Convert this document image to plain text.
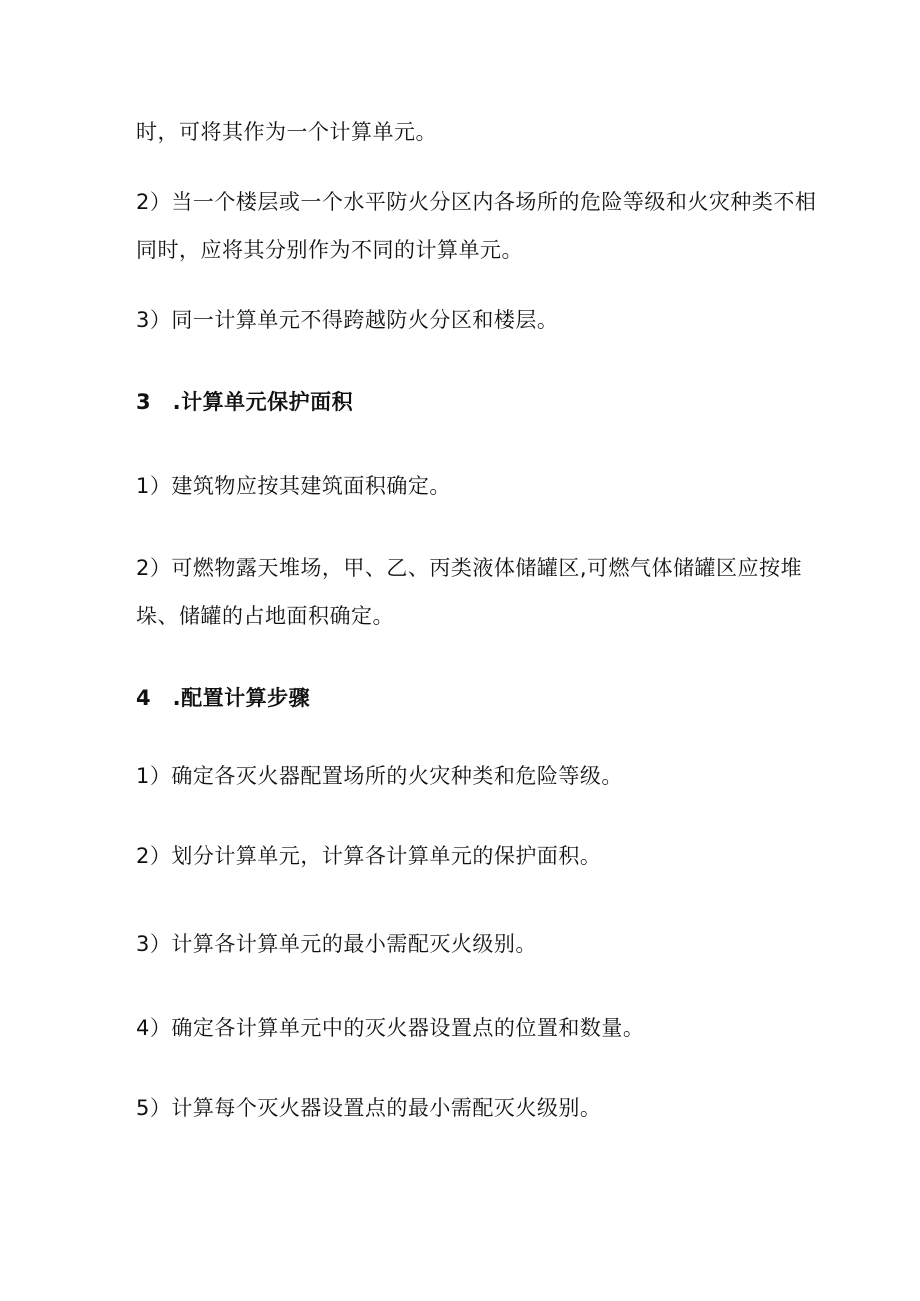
时，可将其作为一个计算单元。
2）当一个楼层或一个水平防火分区内各场所的危险等级和火灾种类不相
同时，应将其分别作为不同的计算单元。
3）同一计算单元不得跨越防火分区和楼层。
3　.计算单元保护面积
1）建筑物应按其建筑面积确定。
2）可燃物露天堆场，甲、乙、丙类液体储罐区,可燃气体储罐区应按堆
垛、储罐的占地面积确定。
4　.配置计算步骤
1）确定各灭火器配置场所的火灾种类和危险等级。
2）划分计算单元，计算各计算单元的保护面积。
3）计算各计算单元的最小需配灭火级别。
4）确定各计算单元中的灭火器设置点的位置和数量。
5）计算每个灭火器设置点的最小需配灭火级别。
